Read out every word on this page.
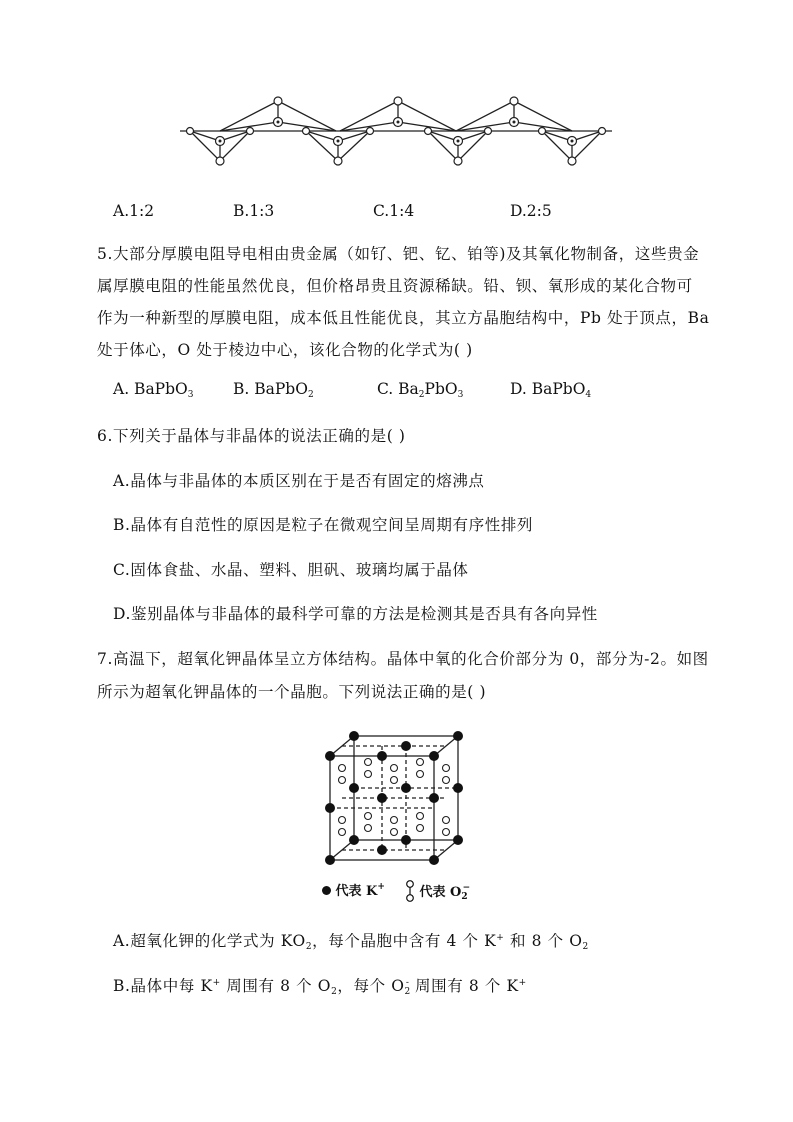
A.1:2	B.1:3	C.1:4	D.2:5
5.大部分厚膜电阻导电相由贵金属（如钌、钯、钇、铂等)及其氧化物制备，这些贵金
属厚膜电阻的性能虽然优良，但价格昂贵且资源稀缺。铅、钡、氧形成的某化合物可
作为一种新型的厚膜电阻，成本低且性能优良，其立方晶胞结构中，Pb 处于顶点，Ba
处于体心，O 处于棱边中心，该化合物的化学式为( )
A. BaPbO$_3$	B. BaPbO$_2$	C. $Ba_2PbO_3$	D. BaPbO$_4$
6.下列关于晶体与非晶体的说法正确的是( )
A.晶体与非晶体的本质区别在于是否有固定的熔沸点
B.晶体有自范性的原因是粒子在微观空间呈周期有序性排列
C.固体食盐、水晶、塑料、胆矾、玻璃均属于晶体
D.鉴别晶体与非晶体的最科学可靠的方法是检测其是否具有各向异性
7.高温下，超氧化钾晶体呈立方体结构。晶体中氧的化合价部分为 0，部分为-2。如图
所示为超氧化钾晶体的一个晶胞。下列说法正确的是( )
代表 K+	代表 $O_2^-$
A.超氧化钾的化学式为 $KO_2$，每个晶胞中含有 4 个 K+ 和 8 个 $O_2$
B.晶体中每 K+ 周围有 8 个 $O_2$，每个 $O_2^-$ 周围有 8 个 K+
